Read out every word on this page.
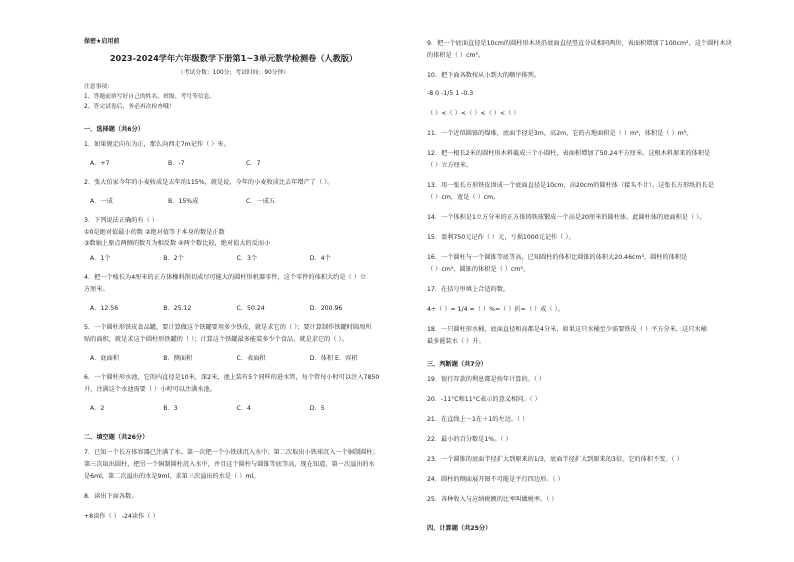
保密★启用前
2023-2024学年六年级数学下册第1~3单元数学检测卷（人教版）
（考试分数：100分；考试时间：90分钟）
注意事项：
1、答题前填写好自己的姓名、班级、考号等信息。
2、答完试卷后，务必再次检查哦！
一、选择题（共6分）
1．如果规定向东为正，那么向西走7m记作（ ）米。
A．+7	B．-7	C．7
2．张大伯家今年的小麦收成是去年的115%，就是说，今年的小麦收成比去年增产了（ ）。
A．一成	B．15%成	C．一成五
3．下列说法正确的有（ ）
①0是绝对值最小的数 ②绝对值等于本身的数是正数
③数轴上原点两侧的数互为相反数 ④两个数比较，绝对值大的反而小
A．1个	B．2个	C．3个	D．4个
4．把一个棱长为4厘米的正方体橡料削切成尽可能大的圆柱形机器零件，这个零件的体积大约是（ ）立
方厘米。
A．12.56	B．25.12	C．50.24	D．200.96
5．一个圆柱形铁皮食品罐，要计算做这个铁罐要用多少铁皮，就是求它的（ ）；要计算制作铁罐时圆周所
贴的面积，就是求这个圆柱形铁罐的（ ）；计算这个铁罐最多能装多少个食品，就是求它的（ ）。
A．底面积	B．侧面积	C．表面积	D．体积 E．容积
6．一个圆柱形水池，它的内直径是10米，深2米，池上装有5个同样的进水管，每个管每小时可以注入7850
升，注满这个水池需要（ ）小时可以注满水池。
A．2	B．3	C．4	D．5
二、填空题（共26分）
7．已知一个长方体容器已注满了水。第一次把一个小铁球沉入水中；第二次取出小铁球沉入一个铜制圆柱；
第三次取出圆柱，把另一个铜制圆柱沉入水中，并且这个圆柱与圆锥等底等高，现在知道，第一次溢出的水
是6ml，第二次溢出的水是9ml，求第三次溢出的水是（ ）ml。
8．读出下面各数。
+8读作（ ） -24读作（ ）
9．把一个底面直径是10cm的圆柱形木块沿底面直径竖直分成相同两块，表面积增加了100cm²，这个圆柱木块
的体积是（ ）cm³。
10．把下面各数按从小到大的顺序排列。
-8 0 -1/5 1 -0.3
（ ）<（ ）<（ ）<（ ）<（ ）
11．一个近似圆锥的煤堆，底面半径是3m，高2m，它的占地面积是（ ）m²，体积是（ ）m³。
12．把一根长2米的圆柱形木料截成三个小圆柱，表面积增加了50.24平方厘米，这根木料原来的体积是
（ ）立方厘米。
13．用一张长方形铁皮围成一个底面直径是10cm，高20cm的圆柱体（接头不计）。这张长方形纸的长是
（ ）cm，宽是（ ）cm。
14．一个体积是1立方分米的正方体铸铁球锻成一个高是20厘米的圆柱体，此圆柱体的底面积是（ ）。
15．盈利750元记作（ ）元，亏损1000元记作（ ）。
16．一个圆柱与一个圆锥等底等高，已知圆柱的体积比圆锥的体积大20.46cm³，圆柱的体积是
（ ）cm³，圆锥的体积是（ ）cm³。
17．在括号里填上合适的数。
4÷（ ）= 1/4 =（ ）%=（ ）折=（ ）成（ ）。
18．一只圆柱形水桶，底面直径和高都是4分米，如果这只水桶至少需要铁皮（ ）平方分米，这只水桶
最多能装水（ ）升。
三、判断题（共7分）
19．银行存款的利息都是按年计算的。（ ）
20．-11°C和11°C表示的意义相同。（ ）
21．在直线上－1在＋1的左边。（ ）
22．最小的百分数是1%。（ ）
23．一个圆锥的底面半径扩大到原来的1/3，底面半径扩大到原来的3倍，它的体积不变。（ ）
24．圆柱的侧面展开图不可能是平行四边形。（ ）
25．各种收入与应纳税额的比率叫做税率。（ ）
四、计算题（共25分）
